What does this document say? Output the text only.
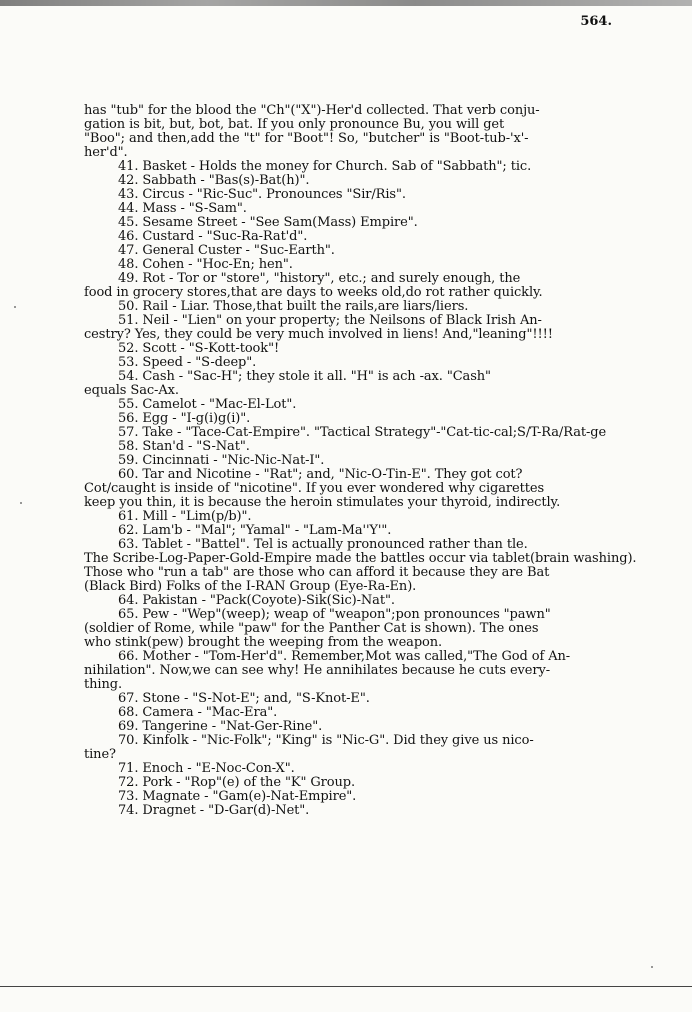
564.
has "tub" for the blood the "Ch"("X")-Her'd collected. That verb conju-
gation is bit, but, bot, bat. If you only pronounce Bu, you will get
"Boo"; and then,add the "t" for "Boot"! So, "butcher" is "Boot-tub-'x'-
her'd".
41. Basket - Holds the money for Church. Sab of "Sabbath"; tic.
42. Sabbath - "Bas(s)-Bat(h)".
43. Circus - "Ric-Suc". Pronounces "Sir/Ris".
44. Mass - "S-Sam".
45. Sesame Street - "See Sam(Mass) Empire".
46. Custard - "Suc-Ra-Rat'd".
47. General Custer - "Suc-Earth".
48. Cohen - "Hoc-En; hen".
49. Rot - Tor or "store", "history", etc.; and surely enough, the
food in grocery stores,that are days to weeks old,do rot rather quickly.
50. Rail - Liar. Those,that built the rails,are liars/liers.
51. Neil - "Lien" on your property; the Neilsons of Black Irish An-
cestry? Yes, they could be very much involved in liens! And,"leaning"!!!!
52. Scott - "S-Kott-took"!
53. Speed - "S-deep".
54. Cash - "Sac-H"; they stole it all. "H" is ach -ax. "Cash"
equals Sac-Ax.
55. Camelot - "Mac-El-Lot".
56. Egg - "I-g(i)g(i)".
57. Take - "Tace-Cat-Empire". "Tactical Strategy"-"Cat-tic-cal;S/T-Ra/Rat-ge
58. Stan'd - "S-Nat".
59. Cincinnati - "Nic-Nic-Nat-I".
60. Tar and Nicotine - "Rat"; and, "Nic-O-Tin-E". They got cot?
Cot/caught is inside of "nicotine". If you ever wondered why cigarettes
keep you thin, it is because the heroin stimulates your thyroid, indirectly.
61. Mill - "Lim(p/b)".
62. Lam'b - "Mal"; "Yamal" - "Lam-Ma''Y'".
63. Tablet - "Battel". Tel is actually pronounced rather than tle.
The Scribe-Log-Paper-Gold-Empire made the battles occur via tablet(brain washing).
Those who "run a tab" are those who can afford it because they are Bat
(Black Bird) Folks of the I-RAN Group (Eye-Ra-En).
64. Pakistan - "Pack(Coyote)-Sik(Sic)-Nat".
65. Pew - "Wep"(weep); weap of "weapon";pon pronounces "pawn"
(soldier of Rome, while "paw" for the Panther Cat is shown). The ones
who stink(pew) brought the weeping from the weapon.
66. Mother - "Tom-Her'd". Remember,Mot was called,"The God of An-
nihilation". Now,we can see why! He annihilates because he cuts every-
thing.
67. Stone - "S-Not-E"; and, "S-Knot-E".
68. Camera - "Mac-Era".
69. Tangerine - "Nat-Ger-Rine".
70. Kinfolk - "Nic-Folk"; "King" is "Nic-G". Did they give us nico-
tine?
71. Enoch - "E-Noc-Con-X".
72. Pork - "Rop"(e) of the "K" Group.
73. Magnate - "Gam(e)-Nat-Empire".
74. Dragnet - "D-Gar(d)-Net".
